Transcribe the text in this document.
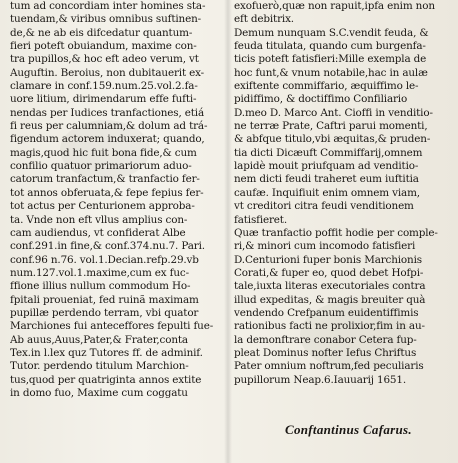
tum ad concordiam inter homines sta-
tuendam,& viribus omnibus suftinen-
de,& ne ab eis difcedatur quantum-
fieri poteft obuiandum, maxime con-
tra pupillos,& hoc eft adeo verum, vt
Auguftin. Beroius, non dubitauerit ex-
clamare in conf.159.num.25.vol.2.fa-
uore litium, dirimendarum effe fufti-
nendas per Iudices tranfactiones, etiá
fi reus per calumniam,& dolum ad trá-
figendum actorem induxerat; quando,
magis,quod hic fuit bona fide,& cum
confilio quatuor primariorum aduo-
catorum tranfactum,& tranfactio fer-
tot annos obferuata,& fepe fepius fer-
tot actus per Centurionem approba-
ta. Vnde non eft vllus amplius con-
cam audiendus, vt confiderat Albe
conf.291.in fine,& conf.374.nu.7. Pari.
conf.96 n.76. vol.1.Decian.refp.29.vb
num.127.vol.1.maxime,cum ex fuc-
ffione illius nullum commodum Ho-
fpitali proueniat, fed ruinã maximam
pupillæ perdendo terram, vbi quator
Marchiones fui anteceffores fepulti fue-
Ab auus,Auus,Pater,& Frater,conta
Tex.in l.lex quz Tutores ff. de adminif.
Tutor. perdendo titulum Marchion-
tus,quod per quatriginta annos extite
in domo fuo, Maxime cum coggatu
exofuerò,quæ non rapuit,ipfa enim non
eft debitrix.
Demum nunquam S.C.vendit feuda, &
feuda titulata, quando cum burgenfa-
ticis poteft fatisfieri:Mille exempla de
hoc funt,& vnum notabile,hac in aulæ
exiftente commiffario, æquiffimo le-
pidiffimo, & doctiffimo Confiliario
D.meo D. Marco Ant. Cioffi in venditio-
ne terræ Prate, Caftri parui momenti,
& abfque titulo,vbi æquitas,& pruden-
tia dicti Dicæuft Commiffarij,omnem
lapidè mouit priufquam ad venditio-
nem dicti feudi traheret eum iuftitia
caufæ. Inquifiuit enim omnem viam,
vt creditori citra feudi venditionem
fatisfieret.
Quæ tranfactio poffit hodie per comple-
ri,& minori cum incomodo fatisfieri
D.Centurioni fuper bonis Marchionis
Corati,& fuper eo, quod debet Hofpi-
tale,iuxta literas executoriales contra
illud expeditas, & magis breuiter quà
vendendo Crefpanum euidentiffimis
rationibus facti ne prolixior,fim in au-
la demonftrare conabor Cetera fup-
pleat Dominus nofter Iefus Chriftus
Pater omnium noftrum,fed peculiaris
pupillorum Neap.6.Iauuarij 1651.
Conftantinus Cafarus.
